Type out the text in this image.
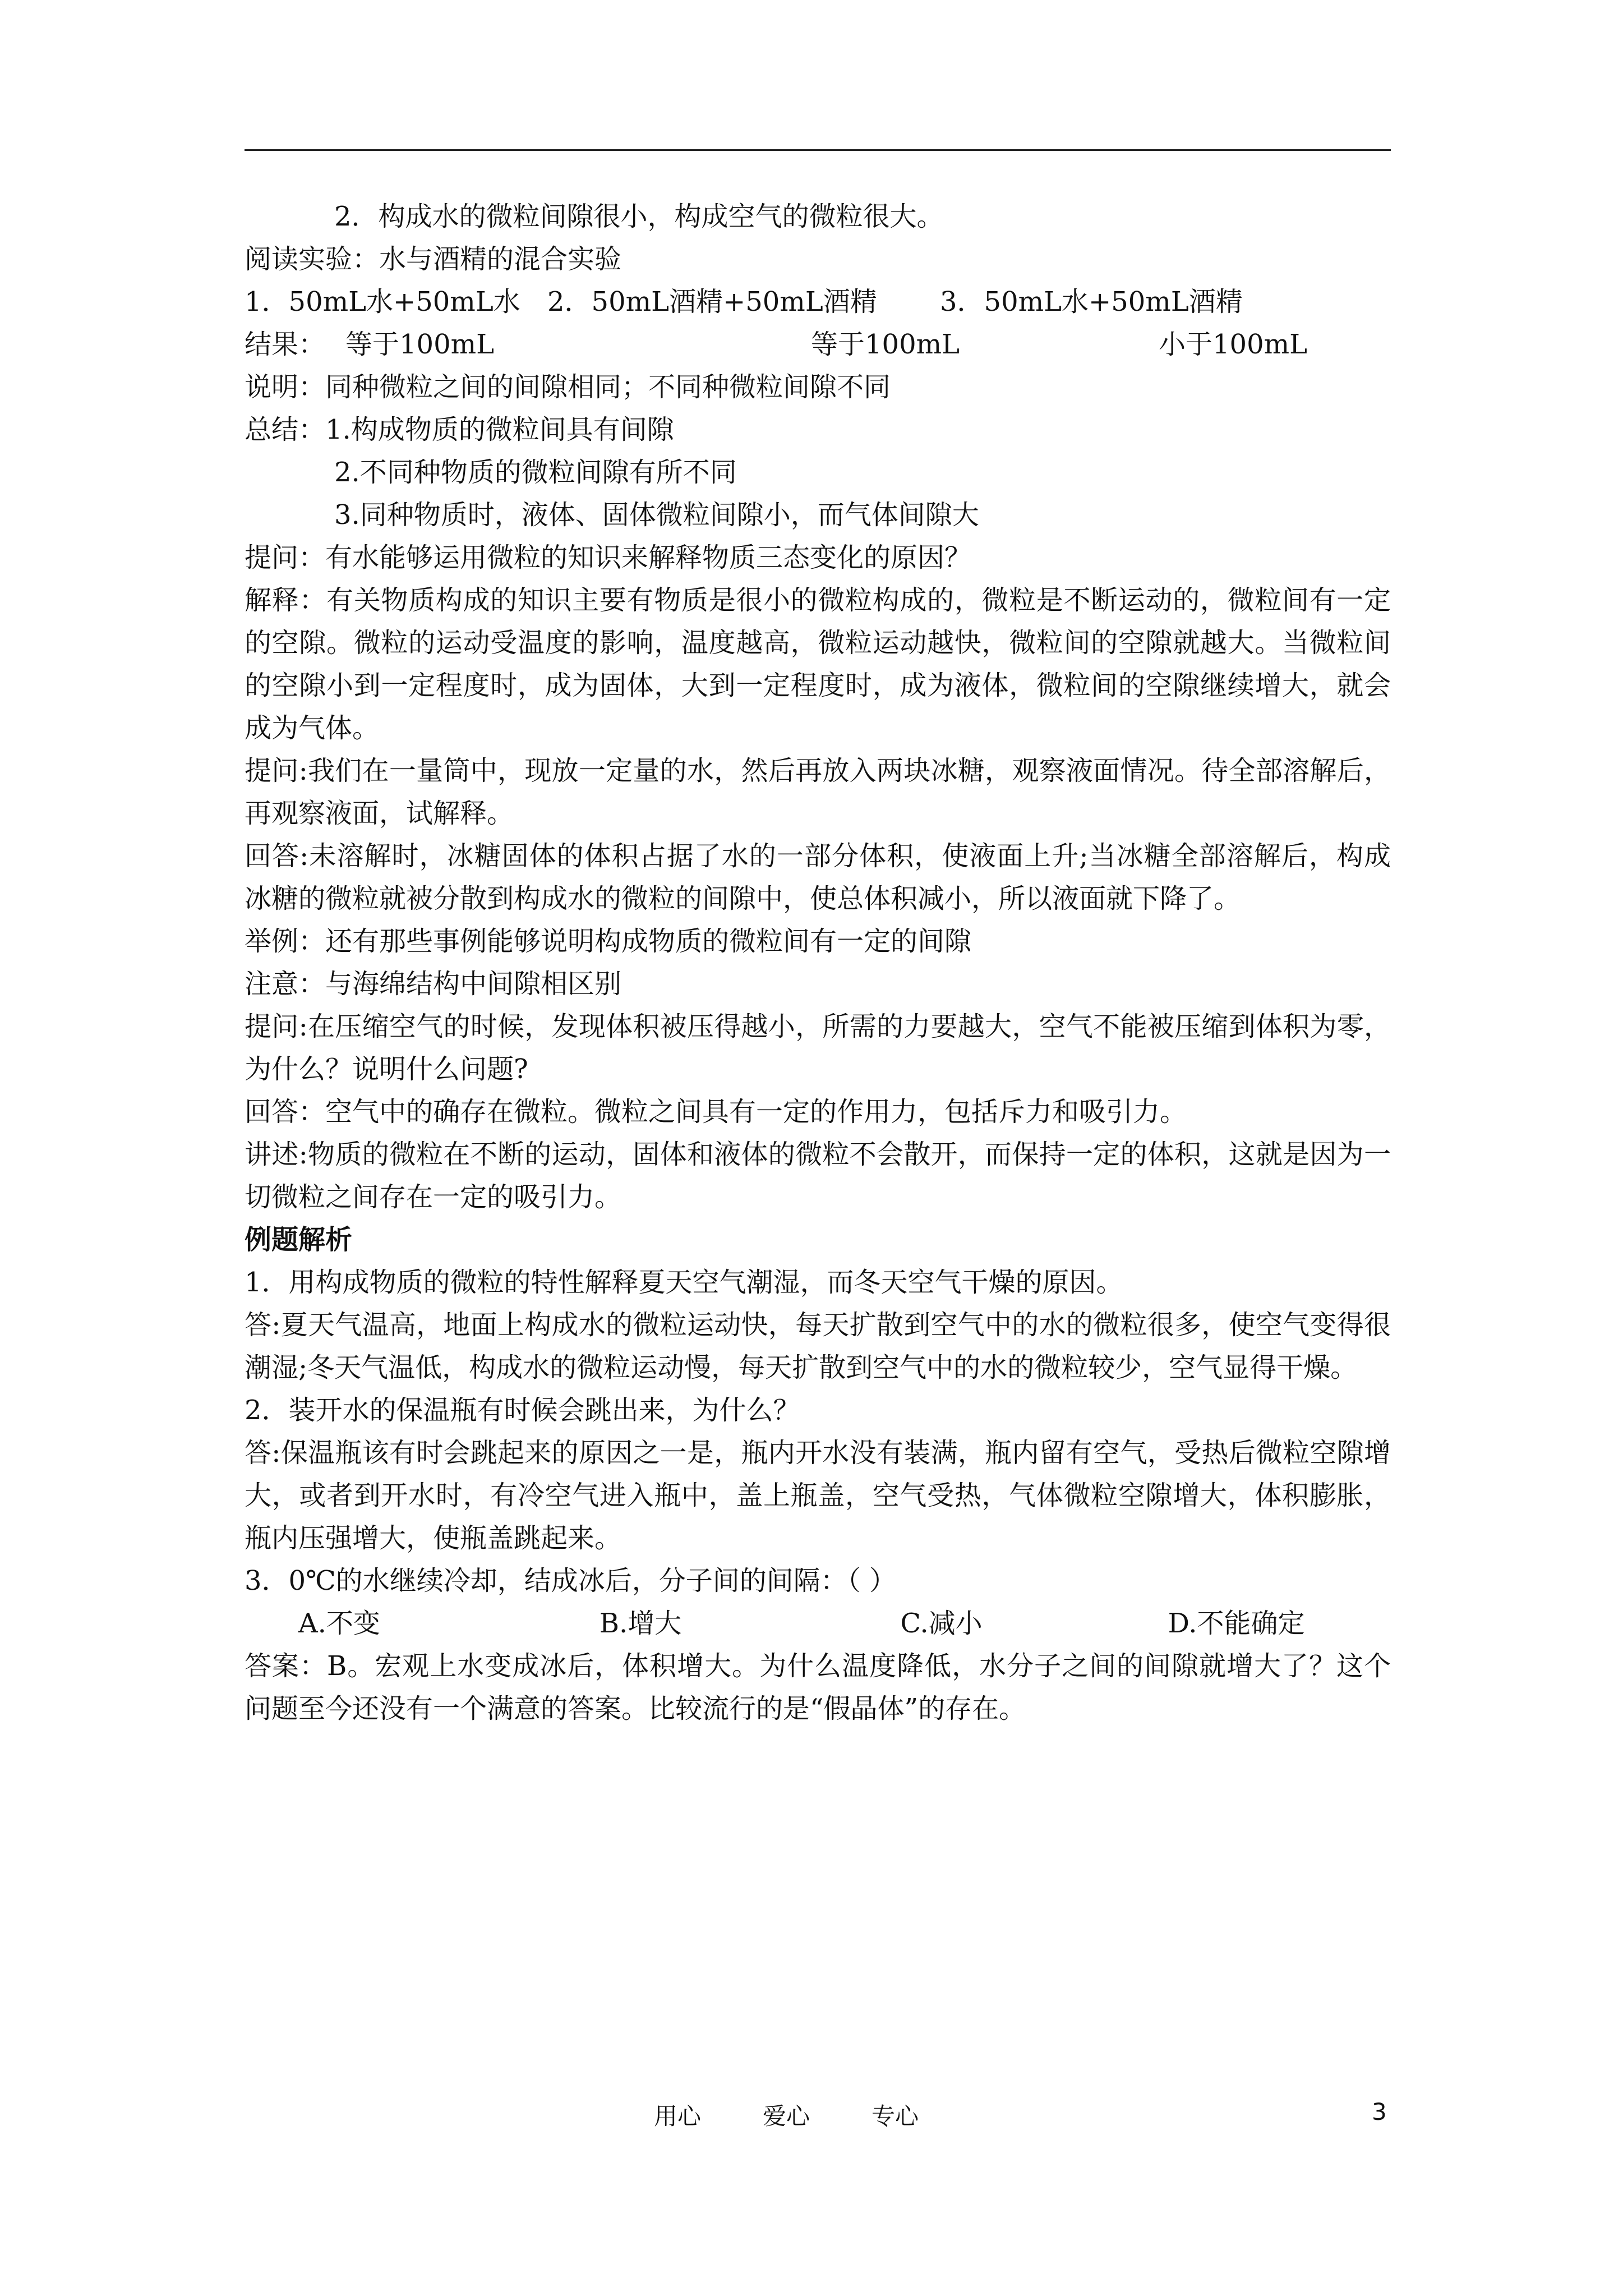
2．构成水的微粒间隙很小，构成空气的微粒很大。
阅读实验：水与酒精的混合实验
1．50mL水+50mL水	2．50mL酒精+50mL酒精	3．50mL水+50mL酒精
结果： 等于100mL	等于100mL	小于100mL
说明：同种微粒之间的间隙相同；不同种微粒间隙不同
总结：1.构成物质的微粒间具有间隙
2.不同种物质的微粒间隙有所不同
3.同种物质时，液体、固体微粒间隙小，而气体间隙大
提问：有水能够运用微粒的知识来解释物质三态变化的原因？
解释：有关物质构成的知识主要有物质是很小的微粒构成的，微粒是不断运动的，微粒间有一定的空隙。微粒的运动受温度的影响，温度越高，微粒运动越快，微粒间的空隙就越大。当微粒间的空隙小到一定程度时，成为固体，大到一定程度时，成为液体，微粒间的空隙继续增大，就会成为气体。
提问:我们在一量筒中，现放一定量的水，然后再放入两块冰糖，观察液面情况。待全部溶解后，再观察液面，试解释。
回答:未溶解时，冰糖固体的体积占据了水的一部分体积，使液面上升;当冰糖全部溶解后，构成冰糖的微粒就被分散到构成水的微粒的间隙中，使总体积减小，所以液面就下降了。
举例：还有那些事例能够说明构成物质的微粒间有一定的间隙
注意：与海绵结构中间隙相区别
提问:在压缩空气的时候，发现体积被压得越小，所需的力要越大，空气不能被压缩到体积为零，为什么？说明什么问题?
回答：空气中的确存在微粒。微粒之间具有一定的作用力，包括斥力和吸引力。
讲述:物质的微粒在不断的运动，固体和液体的微粒不会散开，而保持一定的体积，这就是因为一切微粒之间存在一定的吸引力。
例题解析
1．用构成物质的微粒的特性解释夏天空气潮湿，而冬天空气干燥的原因。
答:夏天气温高，地面上构成水的微粒运动快，每天扩散到空气中的水的微粒很多，使空气变得很潮湿;冬天气温低，构成水的微粒运动慢，每天扩散到空气中的水的微粒较少，空气显得干燥。
2．装开水的保温瓶有时候会跳出来，为什么？
答:保温瓶该有时会跳起来的原因之一是，瓶内开水没有装满，瓶内留有空气，受热后微粒空隙增大，或者到开水时，有冷空气进入瓶中，盖上瓶盖，空气受热，气体微粒空隙增大，体积膨胀，瓶内压强增大，使瓶盖跳起来。
3．0℃的水继续冷却，结成冰后，分子间的间隔：（ ）
A.不变	B.增大	C.减小	D.不能确定
答案：B。宏观上水变成冰后，体积增大。为什么温度降低，水分子之间的间隙就增大了？这个问题至今还没有一个满意的答案。比较流行的是“假晶体”的存在。
用心	爱心	专心	3
